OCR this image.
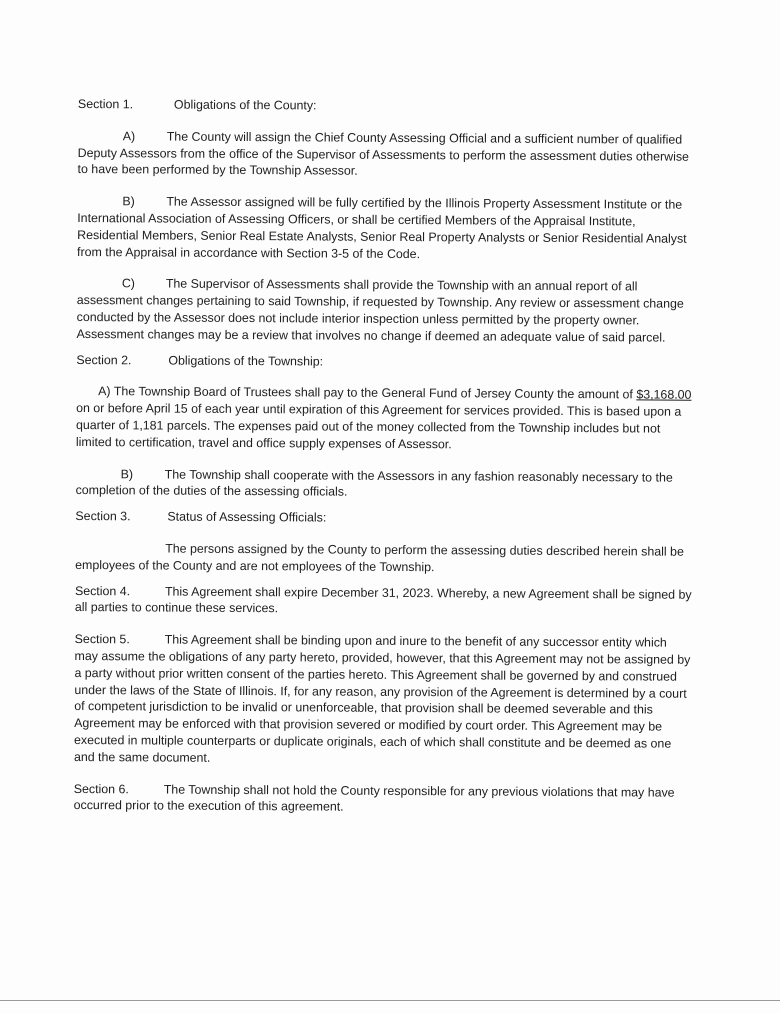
Section 1.	Obligations of the County:

A)	The County will assign the Chief County Assessing Official and a sufficient number of qualified Deputy Assessors from the office of the Supervisor of Assessments to perform the assessment duties otherwise to have been performed by the Township Assessor.

B)	The Assessor assigned will be fully certified by the Illinois Property Assessment Institute or the International Association of Assessing Officers, or shall be certified Members of the Appraisal Institute, Residential Members, Senior Real Estate Analysts, Senior Real Property Analysts or Senior Residential Analyst from the Appraisal in accordance with Section 3-5 of the Code.

C) The Supervisor of Assessments shall provide the Township with an annual report of all assessment changes pertaining to said Township, if requested by Township. Any review or assessment change conducted by the Assessor does not include interior inspection unless permitted by the property owner. Assessment changes may be a review that involves no change if deemed an adequate value of said parcel.

Section 2.	Obligations of the Township:

A) The Township Board of Trustees shall pay to the General Fund of Jersey County the amount of $3,168.00 on or before April 15 of each year until expiration of this Agreement for services provided. This is based upon a quarter of 1,181 parcels. The expenses paid out of the money collected from the Township includes but not limited to certification, travel and office supply expenses of Assessor.

B)	The Township shall cooperate with the Assessors in any fashion reasonably necessary to the completion of the duties of the assessing officials.

Section 3.	Status of Assessing Officials:

The persons assigned by the County to perform the assessing duties described herein shall be employees of the County and are not employees of the Township.

Section 4.	This Agreement shall expire December 31, 2023. Whereby, a new Agreement shall be signed by all parties to continue these services.

Section 5.	This Agreement shall be binding upon and inure to the benefit of any successor entity which may assume the obligations of any party hereto, provided, however, that this Agreement may not be assigned by a party without prior written consent of the parties hereto. This Agreement shall be governed by and construed under the laws of the State of Illinois. If, for any reason, any provision of the Agreement is determined by a court of competent jurisdiction to be invalid or unenforceable, that provision shall be deemed severable and this Agreement may be enforced with that provision severed or modified by court order. This Agreement may be executed in multiple counterparts or duplicate originals, each of which shall constitute and be deemed as one and the same document.

Section 6.	The Township shall not hold the County responsible for any previous violations that may have occurred prior to the execution of this agreement.
